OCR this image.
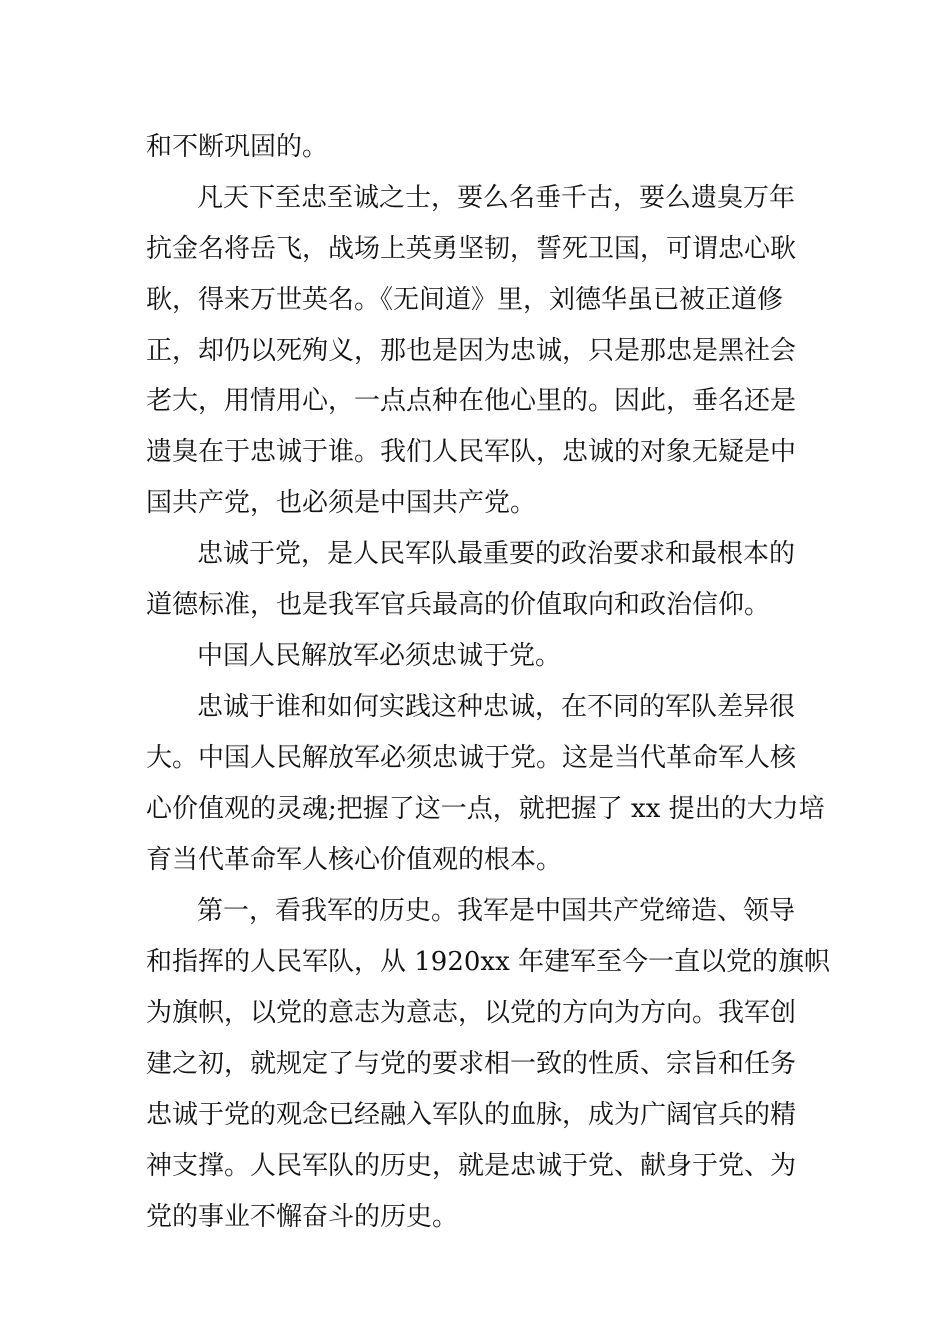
和不断巩固的。

凡天下至忠至诚之士，要么名垂千古，要么遗臭万年

抗金名将岳飞，战场上英勇坚韧，誓死卫国，可谓忠心耿

耿，得来万世英名。《无间道》里，刘德华虽已被正道修

正，却仍以死殉义，那也是因为忠诚，只是那忠是黑社会

老大，用情用心，一点点种在他心里的。因此，垂名还是

遗臭在于忠诚于谁。我们人民军队，忠诚的对象无疑是中

国共产党，也必须是中国共产党。

忠诚于党，是人民军队最重要的政治要求和最根本的

道德标准，也是我军官兵最高的价值取向和政治信仰。

中国人民解放军必须忠诚于党。

忠诚于谁和如何实践这种忠诚，在不同的军队差异很

大。中国人民解放军必须忠诚于党。这是当代革命军人核

心价值观的灵魂;把握了这一点，就把握了 xx 提出的大力培

育当代革命军人核心价值观的根本。

第一，看我军的历史。我军是中国共产党缔造、领导

和指挥的人民军队，从 1920xx 年建军至今一直以党的旗帜

为旗帜，以党的意志为意志，以党的方向为方向。我军创

建之初，就规定了与党的要求相一致的性质、宗旨和任务

忠诚于党的观念已经融入军队的血脉，成为广阔官兵的精

神支撑。人民军队的历史，就是忠诚于党、献身于党、为

党的事业不懈奋斗的历史。
